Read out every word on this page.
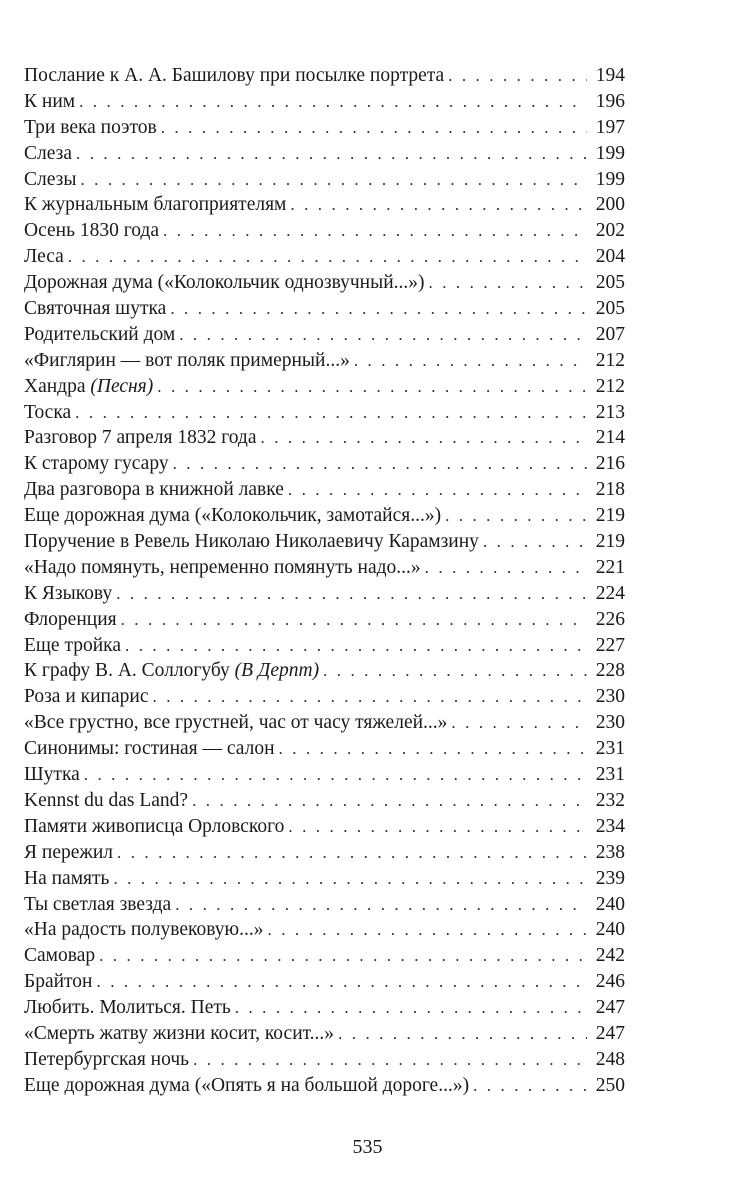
Послание к А. А. Башилову при посылке портрета . . .	194
К ним . . .	196
Три века поэтов . . .	197
Слеза . . .	199
Слезы . . .	199
К журнальным благоприятелям . . .	200
Осень 1830 года . . .	202
Леса . . .	204
Дорожная дума («Колокольчик однозвучный...») . . .	205
Святочная шутка . . .	205
Родительский дом . . .	207
«Фиглярин — вот поляк примерный...» . . .	212
Хандра (Песня) . . .	212
Тоска . . .	213
Разговор 7 апреля 1832 года . . .	214
К старому гусару . . .	216
Два разговора в книжной лавке . . .	218
Еще дорожная дума («Колокольчик, замотайся...») . . .	219
Поручение в Ревель Николаю Николаевичу Карамзину . . .	219
«Надо помянуть, непременно помянуть надо...» . . .	221
К Языкову . . .	224
Флоренция . . .	226
Еще тройка . . .	227
К графу В. А. Соллогубу (В Дерпт) . . .	228
Роза и кипарис . . .	230
«Все грустно, все грустней, час от часу тяжелей...» . . .	230
Синонимы: гостиная — салон . . .	231
Шутка . . .	231
Kennst du das Land? . . .	232
Памяти живописца Орловского . . .	234
Я пережил . . .	238
На память . . .	239
Ты светлая звезда . . .	240
«На радость полувековую...» . . .	240
Самовар . . .	242
Брайтон . . .	246
Любить. Молиться. Петь . . .	247
«Смерть жатву жизни косит, косит...» . . .	247
Петербургская ночь . . .	248
Еще дорожная дума («Опять я на большой дороге...») . . .	250
535
